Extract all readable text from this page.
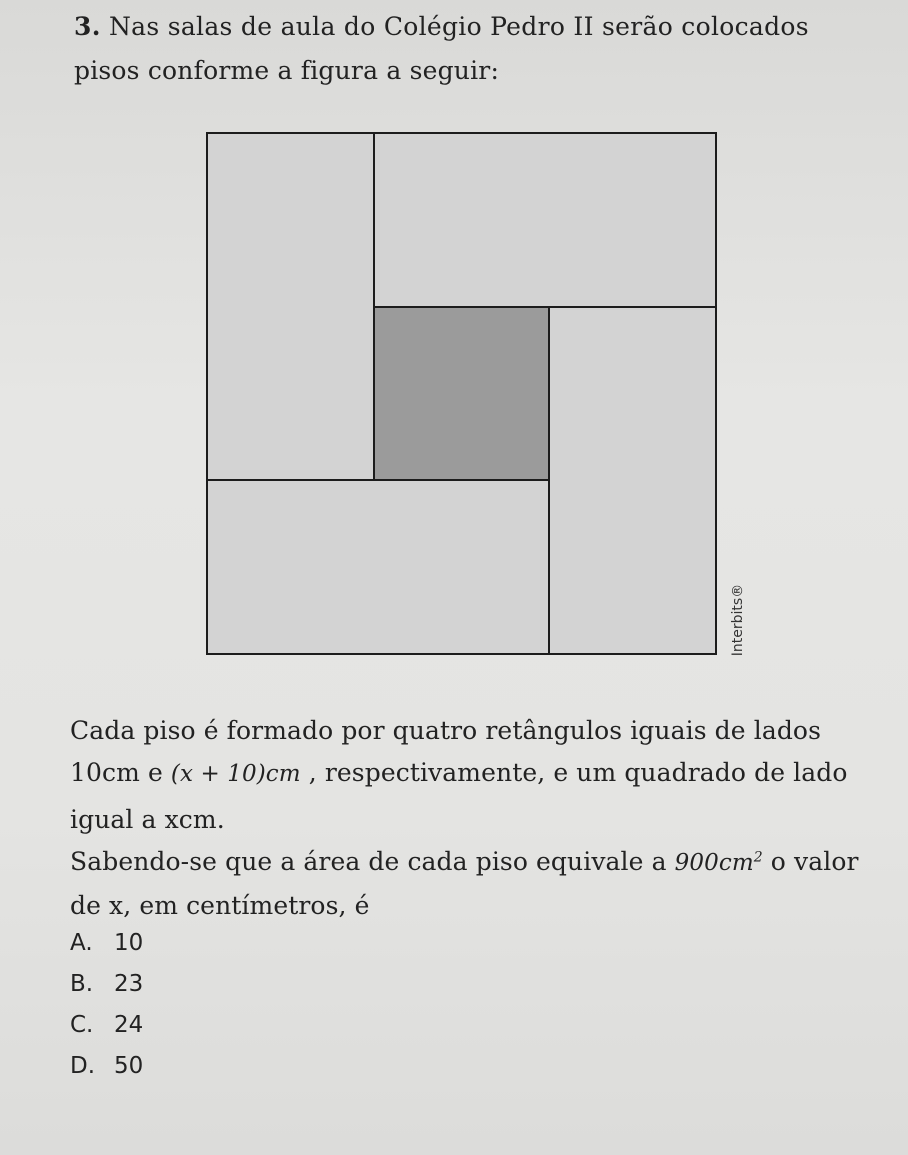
3. Nas salas de aula do Colégio Pedro II serão colocados
pisos conforme a figura a seguir:
Interbits®
Cada piso é formado por quatro retângulos iguais de lados
10cm e (x + 10)cm , respectivamente, e um quadrado de lado
igual a xcm.
Sabendo-se que a área de cada piso equivale a $900cm^2$ o valor
de x, em centímetros, é
A. 10
B. 23
C. 24
D. 50
